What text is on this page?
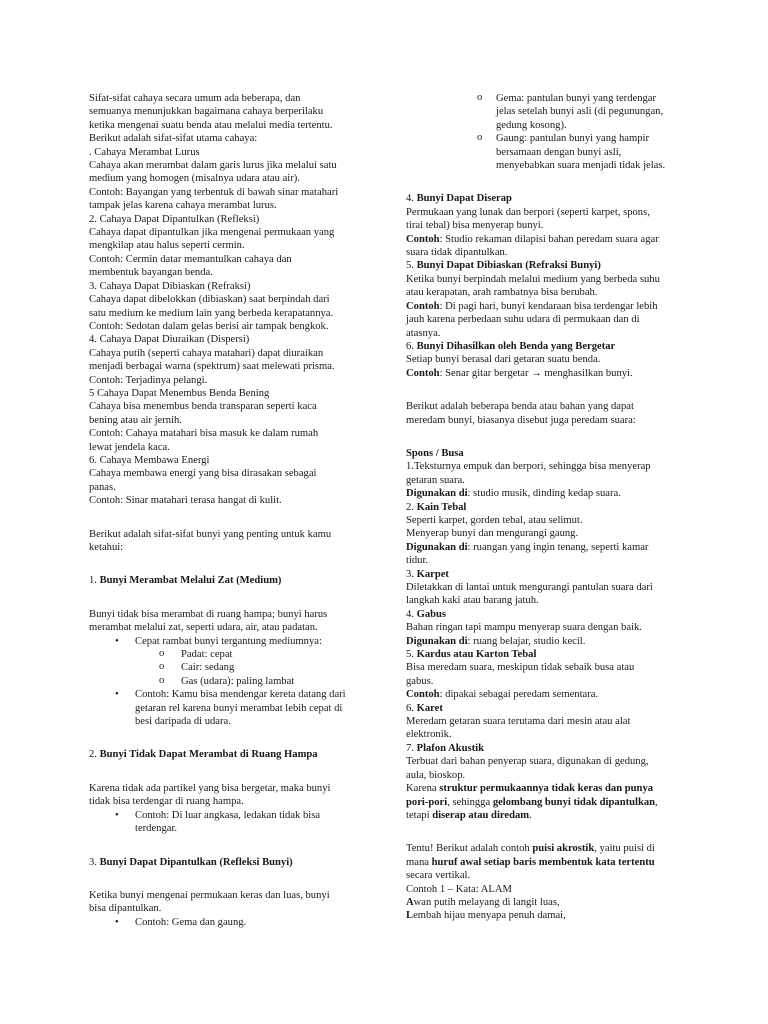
Sifat-sifat cahaya secara umum ada beberapa, dan

semuanya menunjukkan bagaimana cahaya berperilaku

ketika mengenai suatu benda atau melalui media tertentu.

Berikut adalah sifat-sifat utama cahaya:

. Cahaya Merambat Lurus

Cahaya akan merambat dalam garis lurus jika melalui satu

medium yang homogen (misalnya udara atau air).

Contoh: Bayangan yang terbentuk di bawah sinar matahari

tampak jelas karena cahaya merambat lurus.

2. Cahaya Dapat Dipantulkan (Refleksi)

Cahaya dapat dipantulkan jika mengenai permukaan yang

mengkilap atau halus seperti cermin.

Contoh: Cermin datar memantulkan cahaya dan

membentuk bayangan benda.

3. Cahaya Dapat Dibiaskan (Refraksi)

Cahaya dapat dibelokkan (dibiaskan) saat berpindah dari

satu medium ke medium lain yang berbeda kerapatannya.

Contoh: Sedotan dalam gelas berisi air tampak bengkok.

4. Cahaya Dapat Diuraikan (Dispersi)

Cahaya putih (seperti cahaya matahari) dapat diuraikan

menjadi berbagai warna (spektrum) saat melewati prisma.

Contoh: Terjadinya pelangi.

5 Cahaya Dapat Menembus Benda Bening

Cahaya bisa menembus benda transparan seperti kaca

bening atau air jernih.

Contoh: Cahaya matahari bisa masuk ke dalam rumah

lewat jendela kaca.

6. Cahaya Membawa Energi

Cahaya membawa energi yang bisa dirasakan sebagai

panas.

Contoh: Sinar matahari terasa hangat di kulit.

Berikut adalah sifat-sifat bunyi yang penting untuk kamu

ketahui:

1. Bunyi Merambat Melalui Zat (Medium)

Bunyi tidak bisa merambat di ruang hampa; bunyi harus

merambat melalui zat, seperti udara, air, atau padatan.

• Cepat rambat bunyi tergantung mediumnya:
o Padat: cepat
o Cair: sedang
o Gas (udara): paling lambat

• Contoh: Kamu bisa mendengar kereta datang dari

getaran rel karena bunyi merambat lebih cepat di

besi daripada di udara.

2. Bunyi Tidak Dapat Merambat di Ruang Hampa

Karena tidak ada partikel yang bisa bergetar, maka bunyi

tidak bisa terdengar di ruang hampa.

• Contoh: Di luar angkasa, ledakan tidak bisa

terdengar.

3. Bunyi Dapat Dipantulkan (Refleksi Bunyi)

Ketika bunyi mengenai permukaan keras dan luas, bunyi

bisa dipantulkan.

• Contoh: Gema dan gaung.

o Gema: pantulan bunyi yang terdengar

jelas setelah bunyi asli (di pegunungan,

gedung kosong).

o Gaung: pantulan bunyi yang hampir

bersamaan dengan bunyi asli,

menyebabkan suara menjadi tidak jelas.

4. Bunyi Dapat Diserap

Permukaan yang lunak dan berpori (seperti karpet, spons,

tirai tebal) bisa menyerap bunyi.

Contoh: Studio rekaman dilapisi bahan peredam suara agar

suara tidak dipantulkan.

5. Bunyi Dapat Dibiaskan (Refraksi Bunyi)

Ketika bunyi berpindah melalui medium yang berbeda suhu

atau kerapatan, arah rambatnya bisa berubah.

Contoh: Di pagi hari, bunyi kendaraan bisa terdengar lebih

jauh karena perbedaan suhu udara di permukaan dan di

atasnya.

6. Bunyi Dihasilkan oleh Benda yang Bergetar

Setiap bunyi berasal dari getaran suatu benda.

Contoh: Senar gitar bergetar → menghasilkan bunyi.

Berikut adalah beberapa benda atau bahan yang dapat

meredam bunyi, biasanya disebut juga peredam suara:

Spons / Busa

1.Teksturnya empuk dan berpori, sehingga bisa menyerap

getaran suara.

Digunakan di: studio musik, dinding kedap suara.

2. Kain Tebal

Seperti karpet, gorden tebal, atau selimut.

Menyerap bunyi dan mengurangi gaung.

Digunakan di: ruangan yang ingin tenang, seperti kamar

tidur.

3. Karpet

Diletakkan di lantai untuk mengurangi pantulan suara dari

langkah kaki atau barang jatuh.

4. Gabus

Bahan ringan tapi mampu menyerap suara dengan baik.

Digunakan di: ruang belajar, studio kecil.

5. Kardus atau Karton Tebal

Bisa meredam suara, meskipun tidak sebaik busa atau

gabus.

Contoh: dipakai sebagai peredam sementara.

6. Karet

Meredam getaran suara terutama dari mesin atau alat

elektronik.

7. Plafon Akustik

Terbuat dari bahan penyerap suara, digunakan di gedung,

aula, bioskop.

Karena struktur permukaannya tidak keras dan punya

pori-pori, sehingga gelombang bunyi tidak dipantulkan,

tetapi diserap atau diredam.

Tentu! Berikut adalah contoh puisi akrostik, yaitu puisi di

mana huruf awal setiap baris membentuk kata tertentu

secara vertikal.

Contoh 1 – Kata: ALAM

Awan putih melayang di langit luas,

Lembah hijau menyapa penuh damai,
